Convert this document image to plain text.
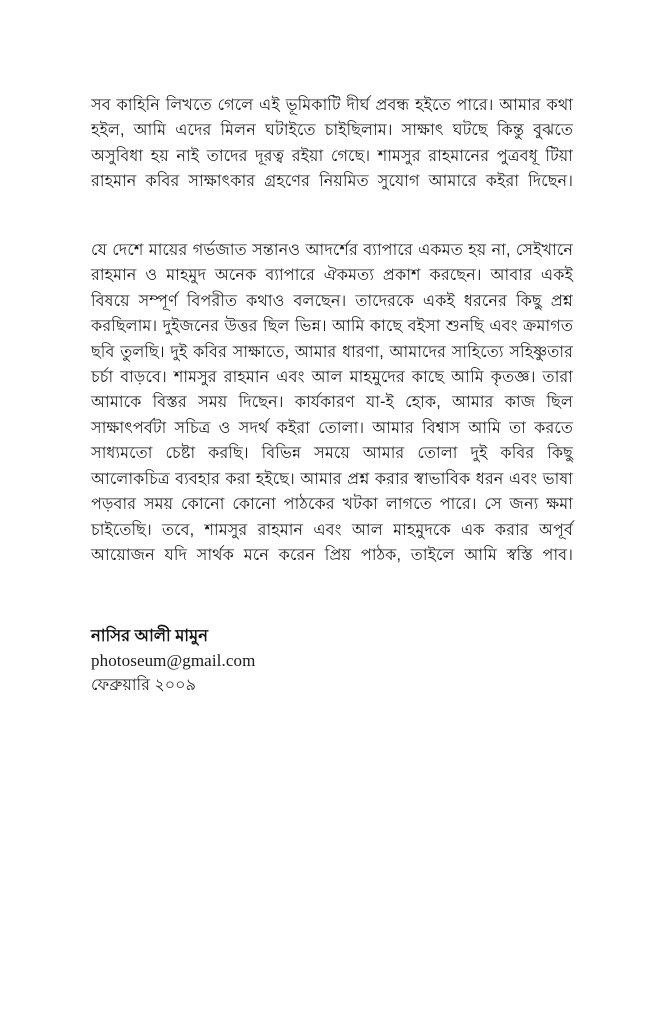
সব কাহিনি লিখতে গেলে এই ভূমিকাটি দীর্ঘ প্রবন্ধ হইতে পারে। আমার কথা হইল, আমি এদের মিলন ঘটাইতে চাইছিলাম। সাক্ষাৎ ঘটছে কিন্তু বুঝতে অসুবিধা হয় নাই তাদের দূরত্ব রইয়া গেছে। শামসুর রাহমানের পুত্রবধূ টিয়া রাহমান কবির সাক্ষাৎকার গ্রহণের নিয়মিত সুযোগ আমারে কইরা দিছেন।

যে দেশে মায়ের গর্ভজাত সন্তানও আদর্শের ব্যাপারে একমত হয় না, সেইখানে রাহমান ও মাহমুদ অনেক ব্যাপারে ঐকমত্য প্রকাশ করছেন। আবার একই বিষয়ে সম্পূর্ণ বিপরীত কথাও বলছেন। তাদেরকে একই ধরনের কিছু প্রশ্ন করছিলাম। দুইজনের উত্তর ছিল ভিন্ন। আমি কাছে বইসা শুনছি এবং ক্রমাগত ছবি তুলছি। দুই কবির সাক্ষাতে, আমার ধারণা, আমাদের সাহিত্যে সহিষ্ণুতার চর্চা বাড়বে। শামসুর রাহমান এবং আল মাহমুদের কাছে আমি কৃতজ্ঞ। তারা আমাকে বিস্তর সময় দিছেন। কার্যকারণ যা-ই হোক, আমার কাজ ছিল সাক্ষাৎপর্বটা সচিত্র ও সদর্থ কইরা তোলা। আমার বিশ্বাস আমি তা করতে সাধ্যমতো চেষ্টা করছি। বিভিন্ন সময়ে আমার তোলা দুই কবির কিছু আলোকচিত্র ব্যবহার করা হইছে। আমার প্রশ্ন করার স্বাভাবিক ধরন এবং ভাষা পড়বার সময় কোনো কোনো পাঠকের খটকা লাগতে পারে। সে জন্য ক্ষমা চাইতেছি। তবে, শামসুর রাহমান এবং আল মাহমুদকে এক করার অপূর্ব আয়োজন যদি সার্থক মনে করেন প্রিয় পাঠক, তাইলে আমি স্বস্তি পাব।

নাসির আলী মামুন

photoseum@gmail.com

ফেব্রুয়ারি ২০০৯
